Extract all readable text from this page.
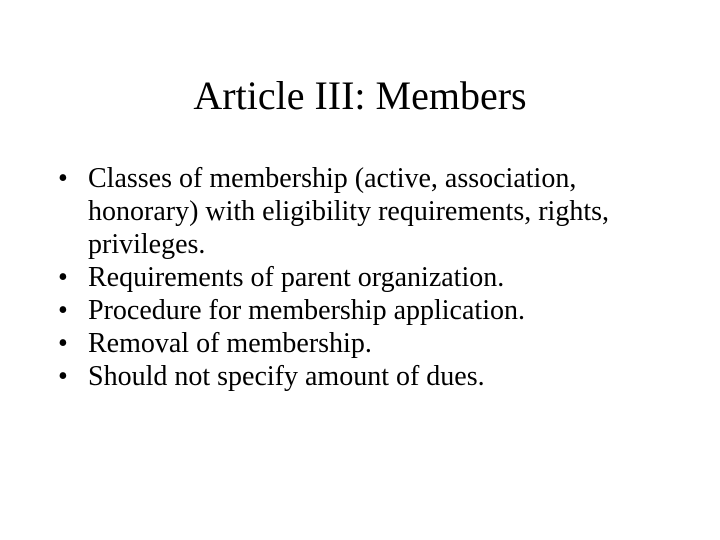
Article III: Members
• Classes of membership (active, association, honorary) with eligibility requirements, rights, privileges.
• Requirements of parent organization.
• Procedure for membership application.
• Removal of membership.
• Should not specify amount of dues.
